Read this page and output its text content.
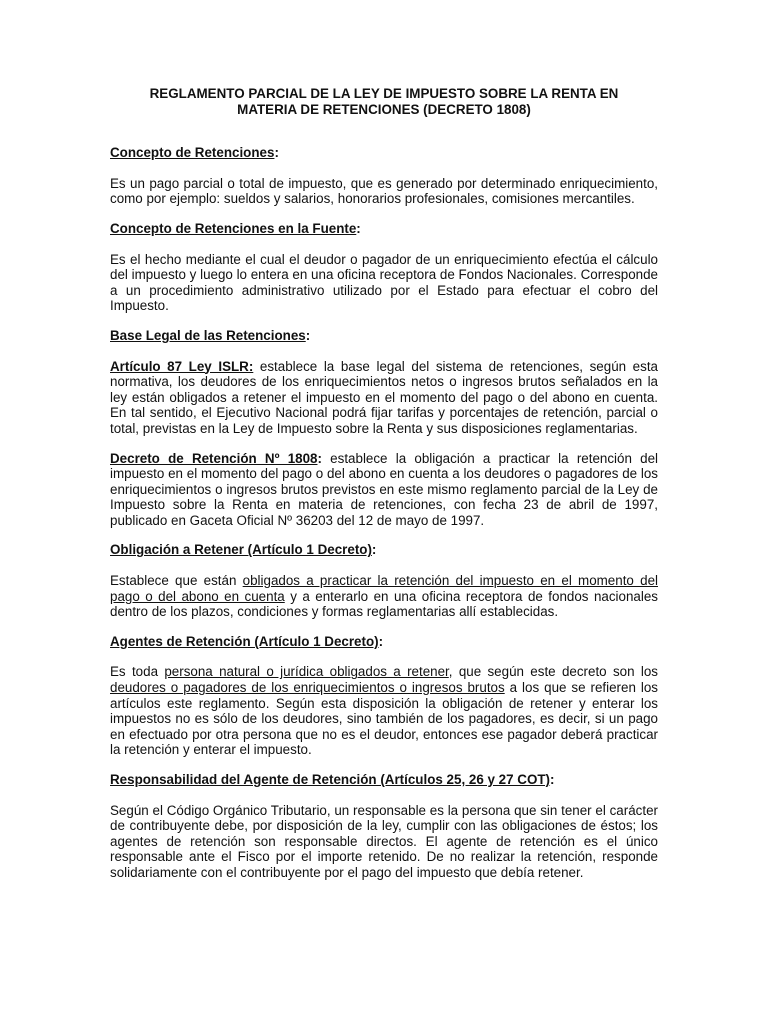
REGLAMENTO PARCIAL DE LA LEY DE IMPUESTO SOBRE LA RENTA EN MATERIA DE RETENCIONES (DECRETO 1808)
Concepto de Retenciones:

Es un pago parcial o total de impuesto, que es generado por determinado enriquecimiento, como por ejemplo: sueldos y salarios, honorarios profesionales, comisiones mercantiles.

Concepto de Retenciones en la Fuente:

Es el hecho mediante el cual el deudor o pagador de un enriquecimiento efectúa el cálculo del impuesto y luego lo entera en una oficina receptora de Fondos Nacionales. Corresponde a un procedimiento administrativo utilizado por el Estado para efectuar el cobro del Impuesto.

Base Legal de las Retenciones:

Artículo 87 Ley ISLR: establece la base legal del sistema de retenciones, según esta normativa, los deudores de los enriquecimientos netos o ingresos brutos señalados en la ley están obligados a retener el impuesto en el momento del pago o del abono en cuenta. En tal sentido, el Ejecutivo Nacional podrá fijar tarifas y porcentajes de retención, parcial o total, previstas en la Ley de Impuesto sobre la Renta y sus disposiciones reglamentarias.

Decreto de Retención Nº 1808: establece la obligación a practicar la retención del impuesto en el momento del pago o del abono en cuenta a los deudores o pagadores de los enriquecimientos o ingresos brutos previstos en este mismo reglamento parcial de la Ley de Impuesto sobre la Renta en materia de retenciones, con fecha 23 de abril de 1997, publicado en Gaceta Oficial Nº 36203 del 12 de mayo de 1997.

Obligación a Retener (Artículo 1 Decreto):

Establece que están obligados a practicar la retención del impuesto en el momento del pago o del abono en cuenta y a enterarlo en una oficina receptora de fondos nacionales dentro de los plazos, condiciones y formas reglamentarias allí establecidas.

Agentes de Retención (Artículo 1 Decreto):

Es toda persona natural o jurídica obligados a retener, que según este decreto son los deudores o pagadores de los enriquecimientos o ingresos brutos a los que se refieren los artículos este reglamento. Según esta disposición la obligación de retener y enterar los impuestos no es sólo de los deudores, sino también de los pagadores, es decir, si un pago en efectuado por otra persona que no es el deudor, entonces ese pagador deberá practicar la retención y enterar el impuesto.

Responsabilidad del Agente de Retención (Artículos 25, 26 y 27 COT):

Según el Código Orgánico Tributario, un responsable es la persona que sin tener el carácter de contribuyente debe, por disposición de la ley, cumplir con las obligaciones de éstos; los agentes de retención son responsable directos. El agente de retención es el único responsable ante el Fisco por el importe retenido. De no realizar la retención, responde solidariamente con el contribuyente por el pago del impuesto que debía retener.
